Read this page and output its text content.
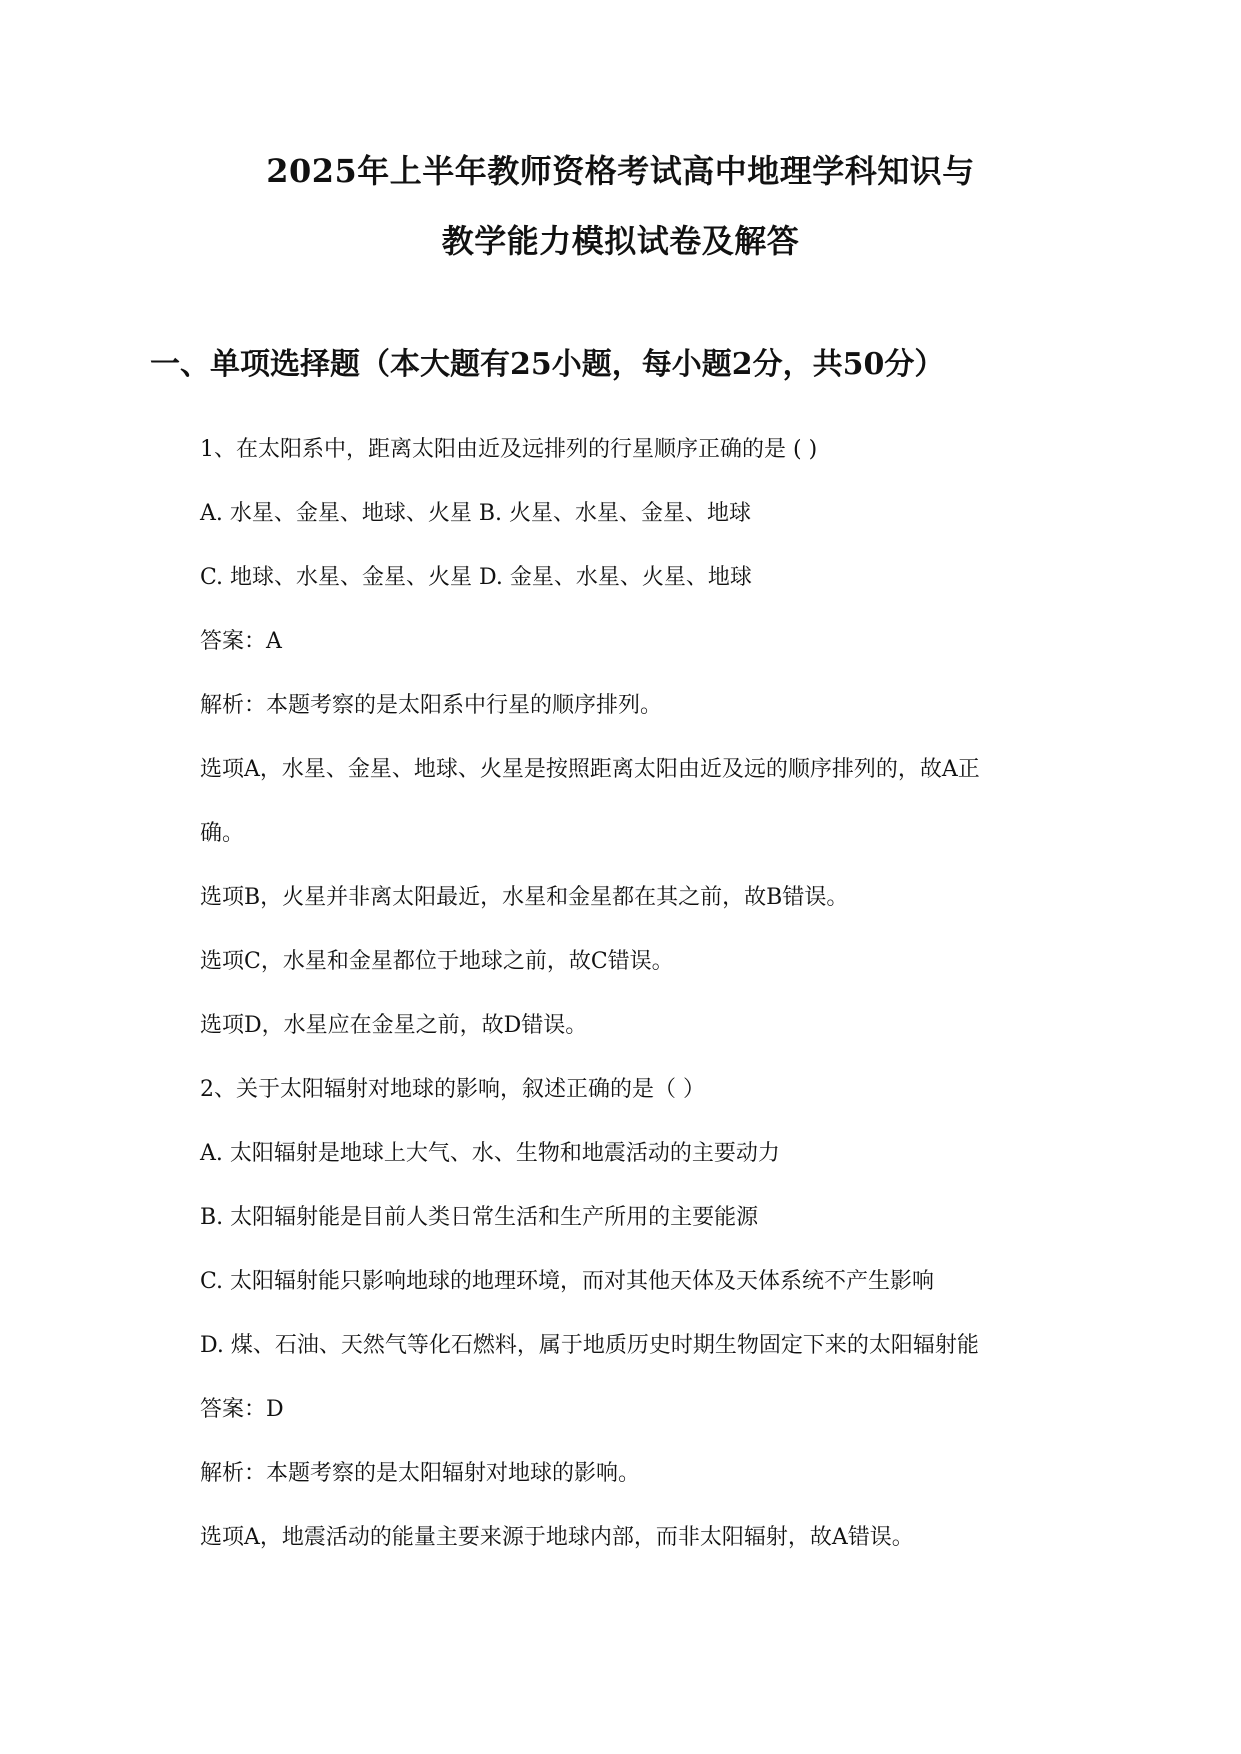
2025年上半年教师资格考试高中地理学科知识与
教学能力模拟试卷及解答
一、单项选择题（本大题有25小题，每小题2分，共50分）
1、在太阳系中，距离太阳由近及远排列的行星顺序正确的是 ( )
A. 水星、金星、地球、火星 B. 火星、水星、金星、地球
C. 地球、水星、金星、火星 D. 金星、水星、火星、地球
答案：A
解析：本题考察的是太阳系中行星的顺序排列。
选项A，水星、金星、地球、火星是按照距离太阳由近及远的顺序排列的，故A正
确。
选项B，火星并非离太阳最近，水星和金星都在其之前，故B错误。
选项C，水星和金星都位于地球之前，故C错误。
选项D，水星应在金星之前，故D错误。
2、关于太阳辐射对地球的影响，叙述正确的是（ ）
A. 太阳辐射是地球上大气、水、生物和地震活动的主要动力
B. 太阳辐射能是目前人类日常生活和生产所用的主要能源
C. 太阳辐射能只影响地球的地理环境，而对其他天体及天体系统不产生影响
D. 煤、石油、天然气等化石燃料，属于地质历史时期生物固定下来的太阳辐射能
答案：D
解析：本题考察的是太阳辐射对地球的影响。
选项A，地震活动的能量主要来源于地球内部，而非太阳辐射，故A错误。
